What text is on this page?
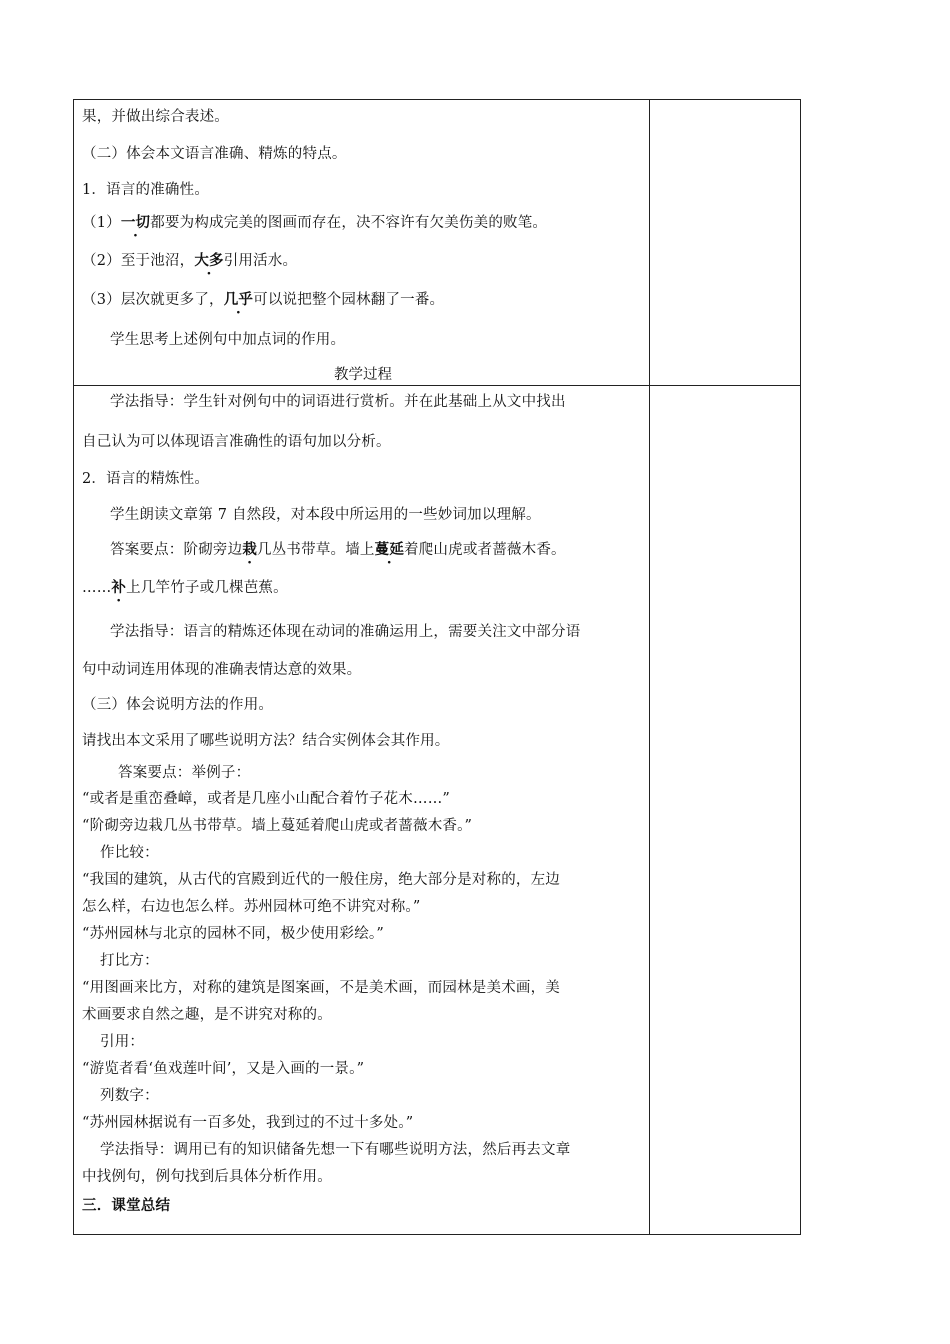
果，并做出综合表述。
（二）体会本文语言准确、精炼的特点。
1．语言的准确性。
（1）一切都要为构成完美的图画而存在，决不容许有欠美伤美的败笔。
（2）至于池沼，大多引用活水。
（3）层次就更多了，几乎可以说把整个园林翻了一番。
学生思考上述例句中加点词的作用。
教学过程
学法指导：学生针对例句中的词语进行赏析。并在此基础上从文中找出
自己认为可以体现语言准确性的语句加以分析。
2．语言的精炼性。
学生朗读文章第 7 自然段，对本段中所运用的一些妙词加以理解。
答案要点：阶砌旁边栽几丛书带草。墙上蔓延着爬山虎或者蔷薇木香。
……补上几竿竹子或几棵芭蕉。
学法指导：语言的精炼还体现在动词的准确运用上，需要关注文中部分语
句中动词连用体现的准确表情达意的效果。
（三）体会说明方法的作用。
请找出本文采用了哪些说明方法？结合实例体会其作用。
答案要点：举例子：
“或者是重峦叠嶂，或者是几座小山配合着竹子花木……”
“阶砌旁边栽几丛书带草。墙上蔓延着爬山虎或者蔷薇木香。”
作比较：
“我国的建筑，从古代的宫殿到近代的一般住房，绝大部分是对称的，左边
怎么样，右边也怎么样。苏州园林可绝不讲究对称。”
“苏州园林与北京的园林不同，极少使用彩绘。”
打比方：
“用图画来比方，对称的建筑是图案画，不是美术画，而园林是美术画，美
术画要求自然之趣，是不讲究对称的。
引用：
“游览者看‘鱼戏莲叶间’，又是入画的一景。”
列数字：
“苏州园林据说有一百多处，我到过的不过十多处。”
学法指导：调用已有的知识储备先想一下有哪些说明方法，然后再去文章
中找例句，例句找到后具体分析作用。
三．课堂总结
